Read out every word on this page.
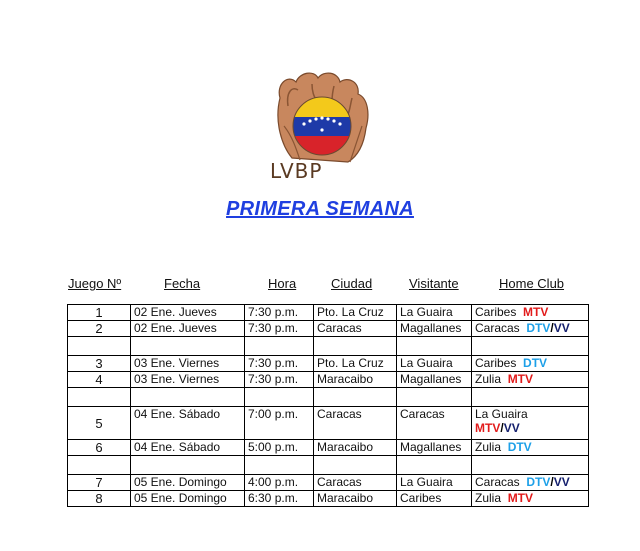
LVBP
PRIMERA SEMANA
Juego Nº	Fecha	Hora	Ciudad	Visitante	Home Club
1	02 Ene. Jueves	7:30 p.m.	Pto. La Cruz	La Guaira	Caribes MTV
2	02 Ene. Jueves	7:30 p.m.	Caracas	Magallanes	Caracas DTV/VV

3	03 Ene. Viernes	7:30 p.m.	Pto. La Cruz	La Guaira	Caribes DTV
4	03 Ene. Viernes	7:30 p.m.	Maracaibo	Magallanes	Zulia MTV

5	04 Ene. Sábado	7:00 p.m.	Caracas	Caracas	La Guaira
MTV/VV
6	04 Ene. Sábado	5:00 p.m.	Maracaibo	Magallanes	Zulia DTV

7	05 Ene. Domingo	4:00 p.m.	Caracas	La Guaira	Caracas DTV/VV
8	05 Ene. Domingo	6:30 p.m.	Maracaibo	Caribes	Zulia MTV
